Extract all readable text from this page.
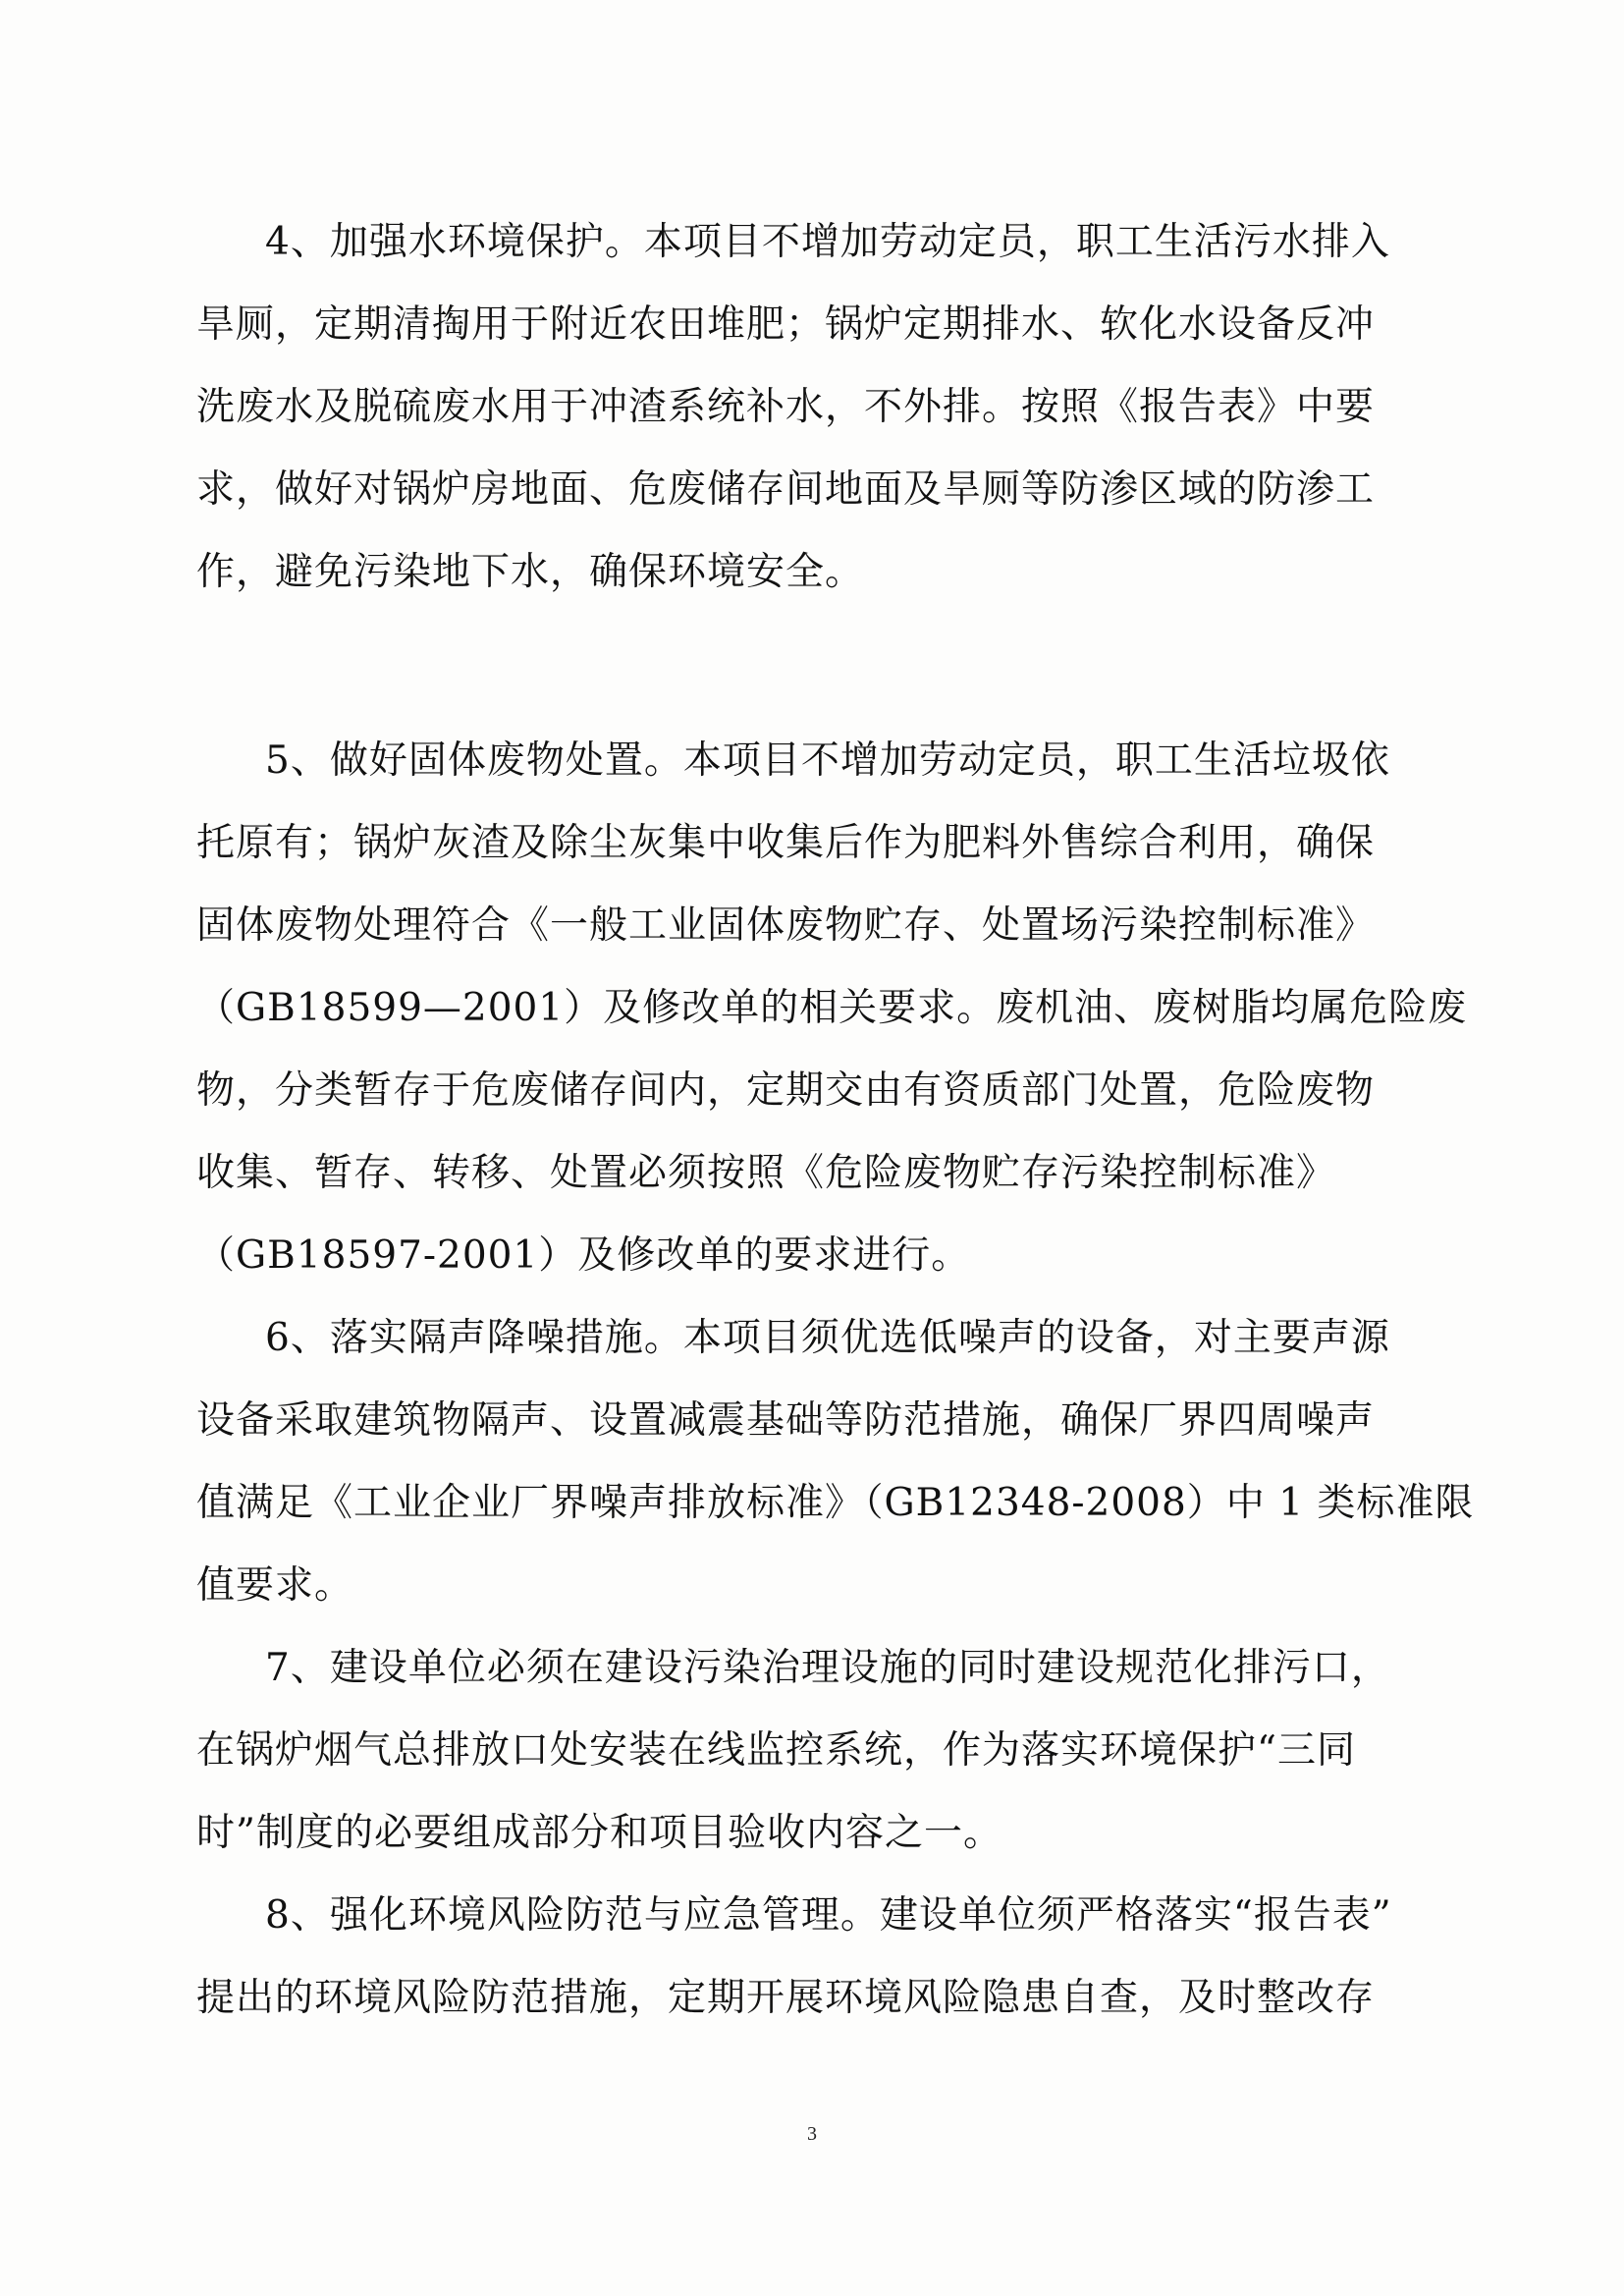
4、加强水环境保护。本项目不增加劳动定员，职工生活污水排入
旱厕，定期清掏用于附近农田堆肥；锅炉定期排水、软化水设备反冲
洗废水及脱硫废水用于冲渣系统补水，不外排。按照《报告表》中要
求，做好对锅炉房地面、危废储存间地面及旱厕等防渗区域的防渗工
作，避免污染地下水，确保环境安全。
5、做好固体废物处置。本项目不增加劳动定员，职工生活垃圾依
托原有；锅炉灰渣及除尘灰集中收集后作为肥料外售综合利用，确保
固体废物处理符合《一般工业固体废物贮存、处置场污染控制标准》
（GB18599—2001）及修改单的相关要求。废机油、废树脂均属危险废
物，分类暂存于危废储存间内，定期交由有资质部门处置，危险废物
收集、暂存、转移、处置必须按照《危险废物贮存污染控制标准》
（GB18597-2001）及修改单的要求进行。
6、落实隔声降噪措施。本项目须优选低噪声的设备，对主要声源
设备采取建筑物隔声、设置减震基础等防范措施，确保厂界四周噪声
值满足《工业企业厂界噪声排放标准》（GB12348-2008）中 1 类标准限
值要求。
7、建设单位必须在建设污染治理设施的同时建设规范化排污口，
在锅炉烟气总排放口处安装在线监控系统，作为落实环境保护“三同
时”制度的必要组成部分和项目验收内容之一。
8、强化环境风险防范与应急管理。建设单位须严格落实“报告表”
提出的环境风险防范措施，定期开展环境风险隐患自查，及时整改存
3
